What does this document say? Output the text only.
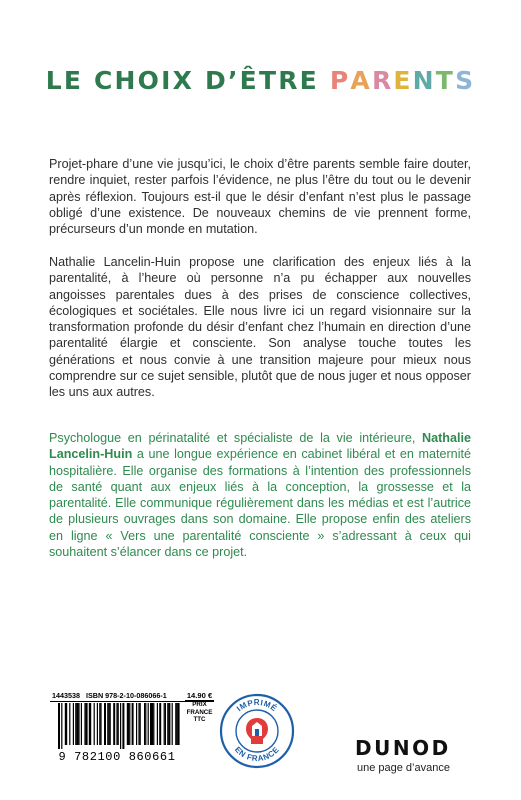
LE CHOIX D’ÊTRE PARENTS

Projet-phare d’une vie jusqu’ici, le choix d’être parents semble faire douter, rendre inquiet, rester parfois l’évidence, ne plus l’être du tout ou le devenir après réflexion. Toujours est-il que le désir d’enfant n’est plus le passage obligé d’une existence. De nouveaux chemins de vie prennent forme, précurseurs d’un monde en mutation.

Nathalie Lancelin-Huin propose une clarification des enjeux liés à la parentalité, à l’heure où personne n’a pu échapper aux nouvelles angoisses parentales dues à des prises de conscience collectives, écologiques et sociétales. Elle nous livre ici un regard visionnaire sur la transformation profonde du désir d’enfant chez l’humain en direction d’une parentalité élargie et consciente. Son analyse touche toutes les générations et nous convie à une transition majeure pour mieux nous comprendre sur ce sujet sensible, plutôt que de nous juger et nous opposer les uns aux autres.

Psychologue en périnatalité et spécialiste de la vie intérieure, Nathalie Lancelin-Huin a une longue expérience en cabinet libéral et en maternité hospitalière. Elle organise des formations à l’intention des professionnels de santé quant aux enjeux liés à la conception, la grossesse et la parentalité. Elle communique régulièrement dans les médias et est l’autrice de plusieurs ouvrages dans son domaine. Elle propose enfin des ateliers en ligne « Vers une parentalité consciente » s’adressant à ceux qui souhaitent s’élancer dans ce projet.

1443538 ISBN 978-2-10-086066-1
9 782100 860661
14.90 €
PRIX
FRANCE
TTC
IMPRIMÉ
EN FRANCE	DUNOD
une page d’avance
